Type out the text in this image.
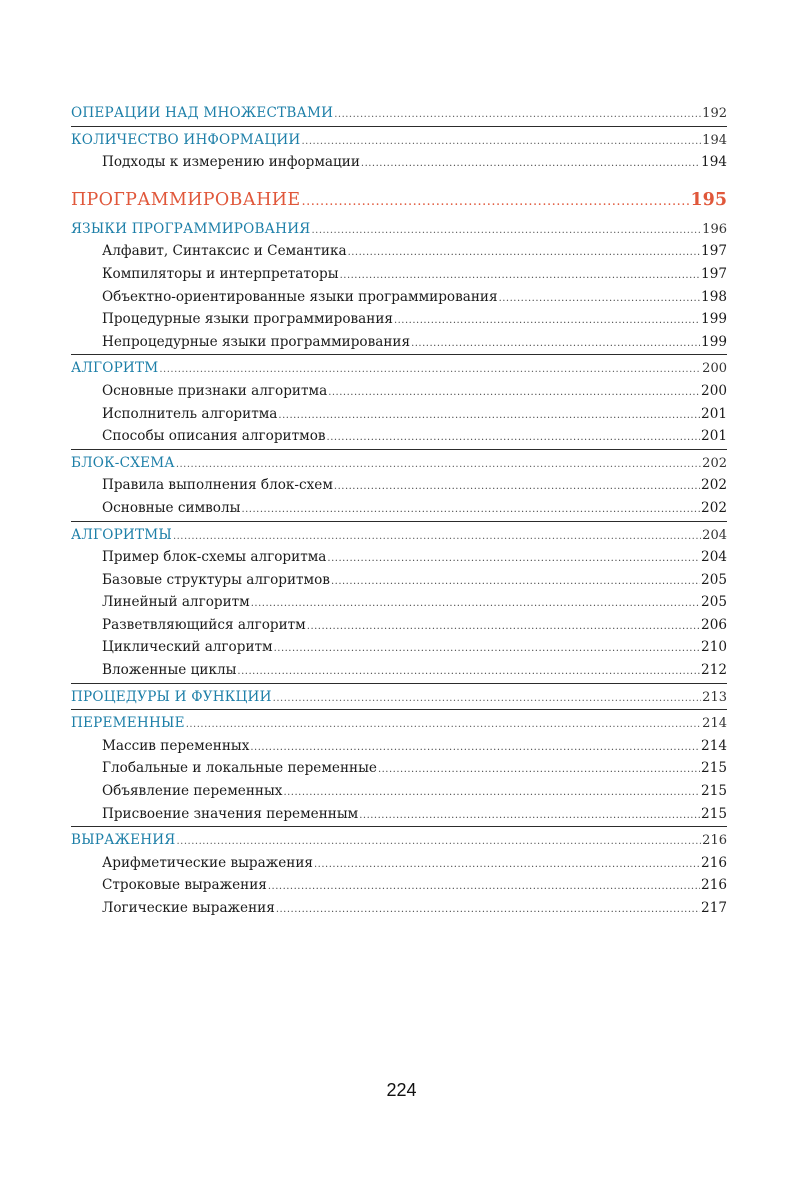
ОПЕРАЦИИ НАД МНОЖЕСТВАМИ .....	192
КОЛИЧЕСТВО ИНФОРМАЦИИ .....	194
Подходы к измерению информации .....	194
ПРОГРАММИРОВАНИЕ .....	195
ЯЗЫКИ ПРОГРАММИРОВАНИЯ .....	196
Алфавит, Синтаксис и Семантика .....	197
Компиляторы и интерпретаторы .....	197
Объектно-ориентированные языки программирования .....	198
Процедурные языки программирования .....	199
Непроцедурные языки программирования .....	199
АЛГОРИТМ .....	200
Основные признаки алгоритма .....	200
Исполнитель алгоритма .....	201
Способы описания алгоритмов .....	201
БЛОК-СХЕМА .....	202
Правила выполнения блок-схем .....	202
Основные символы .....	202
АЛГОРИТМЫ .....	204
Пример блок-схемы алгоритма .....	204
Базовые структуры алгоритмов .....	205
Линейный алгоритм .....	205
Разветвляющийся алгоритм .....	206
Циклический алгоритм .....	210
Вложенные циклы .....	212
ПРОЦЕДУРЫ И ФУНКЦИИ .....	213
ПЕРЕМЕННЫЕ .....	214
Массив переменных .....	214
Глобальные и локальные переменные .....	215
Объявление переменных .....	215
Присвоение значения переменным .....	215
ВЫРАЖЕНИЯ .....	216
Арифметические выражения .....	216
Строковые выражения .....	216
Логические выражения .....	217
224
